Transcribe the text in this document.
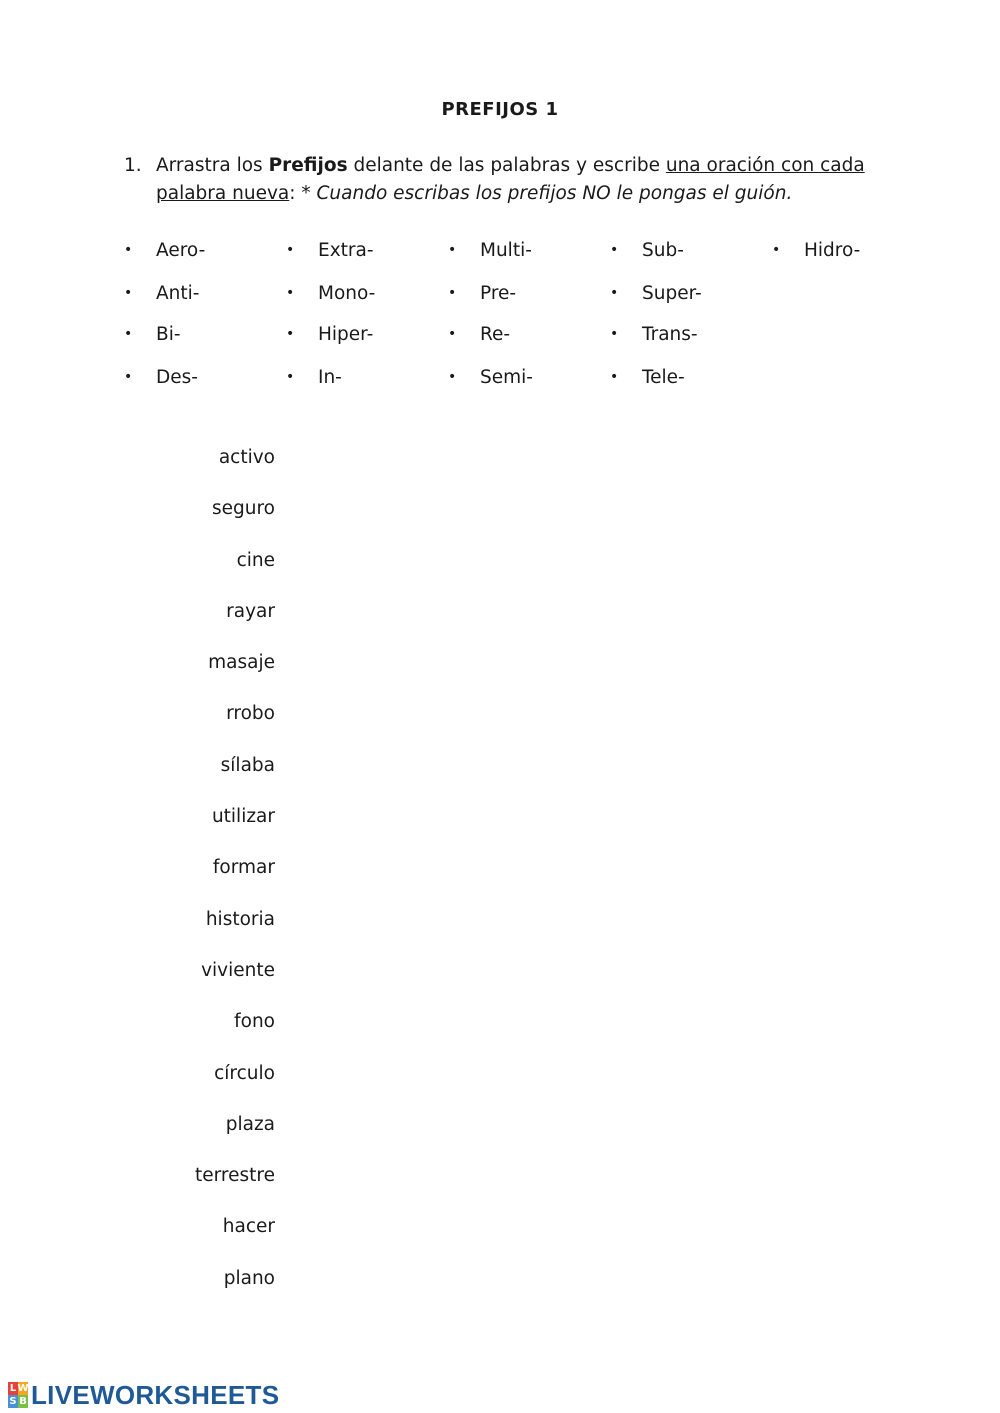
PREFIJOS 1
1. Arrastra los Prefijos delante de las palabras y escribe una oración con cada palabra nueva: * Cuando escribas los prefijos NO le pongas el guión.
• Aero-
• Anti-
• Bi-
• Des-
• Extra-
• Mono-
• Hiper-
• In-
• Multi-
• Pre-
• Re-
• Semi-
• Sub-
• Super-
• Trans-
• Tele-
• Hidro-
activo
seguro
cine
rayar
masaje
rrobo
sílaba
utilizar
formar
historia
viviente
fono
círculo
plaza
terrestre
hacer
plano
L W
S B LIVEWORKSHEETS
